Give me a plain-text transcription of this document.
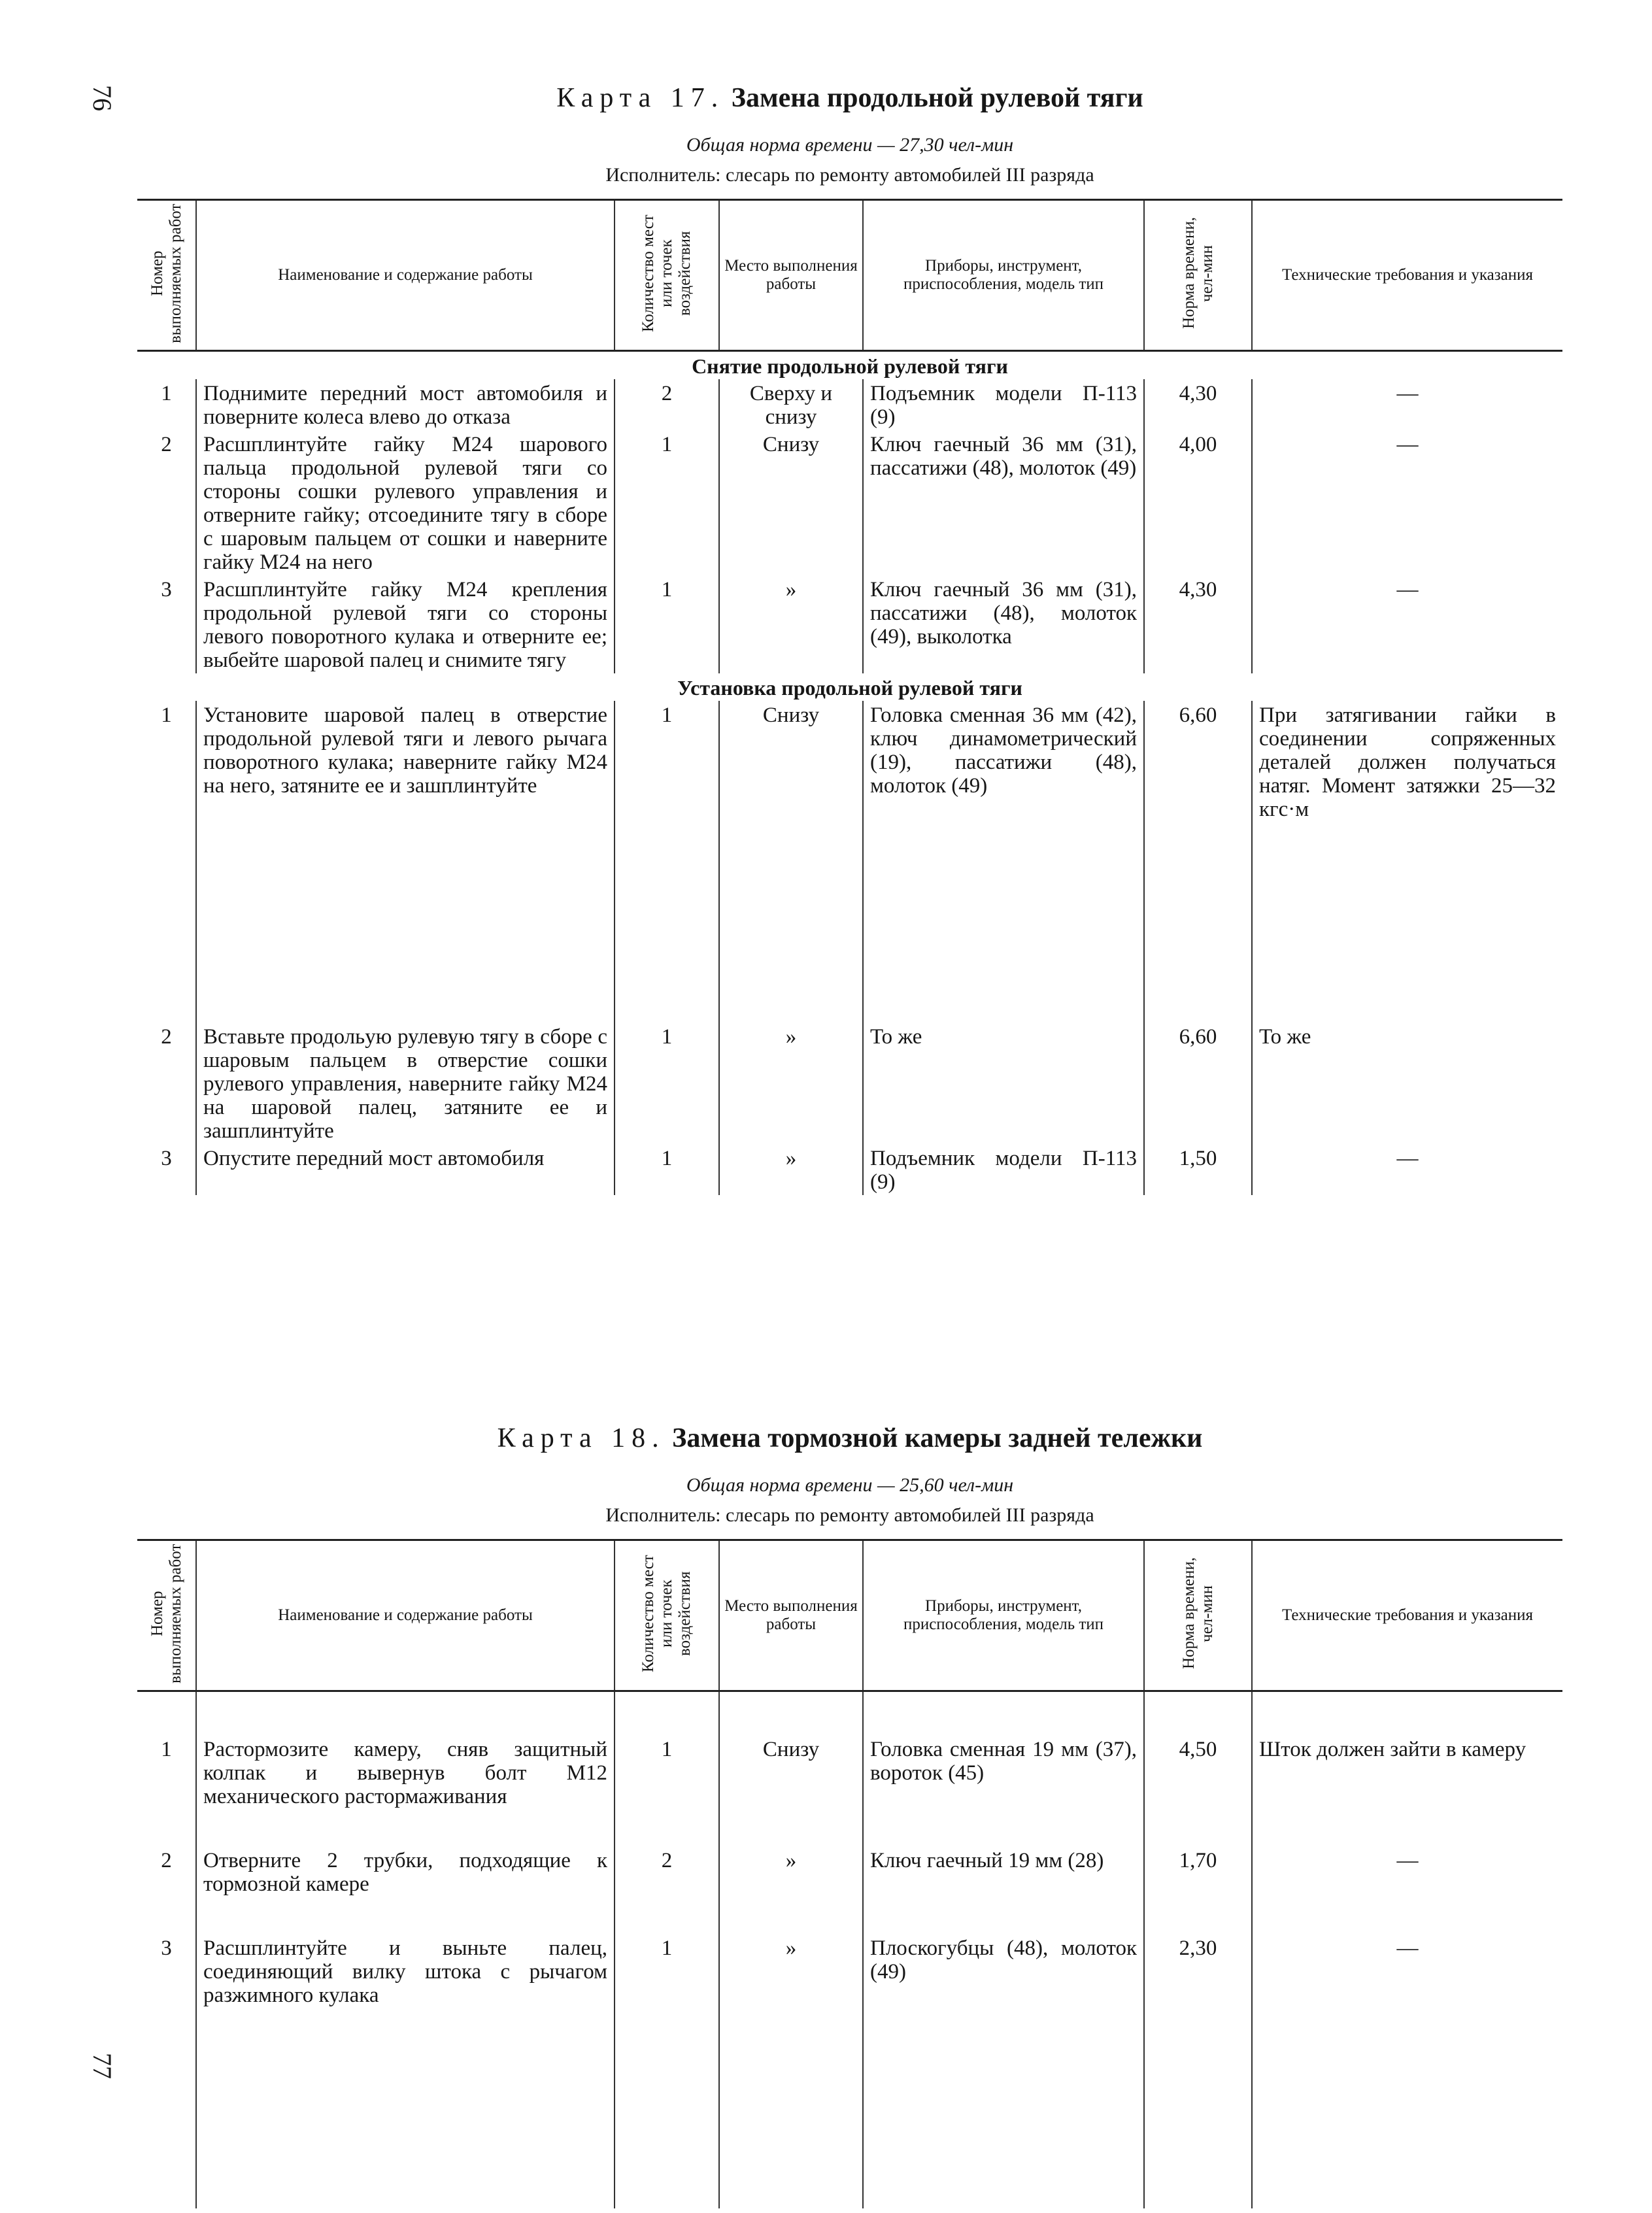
76
77
Карта 17. Замена продольной рулевой тяги
Общая норма времени — 27,30 чел-мин
Исполнитель: слесарь по ремонту автомобилей III разряда
Номер выполняемых работ	Наименование и содержание работы	Количество мест или точек воздействия	Место выполнения работы	Приборы, инструмент, приспособления, модель тип	Норма времени, чел-мин	Технические требования и указания
Снятие продольной рулевой тяги						
1	Поднимите передний мост автомобиля и поверните колеса влево до отказа	2	Сверху и снизу	Подъемник модели П-113 (9)	4,30	—
2	Расшплинтуйте гайку М24 шарового пальца продольной рулевой тяги со стороны сошки рулевого управления и отверните гайку; отсоедините тягу в сборе с шаровым пальцем от сошки и наверните гайку М24 на него	1	Снизу	Ключ гаечный 36 мм (31), пассатижи (48), молоток (49)	4,00	—
3	Расшплинтуйте гайку М24 крепления продольной рулевой тяги со стороны левого поворотного кулака и отверните ее; выбейте шаровой палец и снимите тягу	1	»	Ключ гаечный 36 мм (31), пассатижи (48), молоток (49), выколотка	4,30	—
Установка продольной рулевой тяги						
1	Установите шаровой палец в отверстие продольной рулевой тяги и левого рычага поворотного кулака; наверните гайку М24 на него, затяните ее и зашплинтуйте	1	Снизу	Головка сменная 36 мм (42), ключ динамометрический (19), пассатижи (48), молоток (49)	6,60	При затягивании гайки в соединении сопряженных деталей должен получаться натяг. Момент затяжки 25—32 кгс·м

2	Вставьте продольую рулевую тягу в сборе с шаровым пальцем в отверстие сошки рулевого управления, наверните гайку М24 на шаровой палец, затяните ее и зашплинтуйте	1	»	То же	6,60	То же
3	Опустите передний мост автомобиля	1	»	Подъемник модели П-113 (9)	1,50	—
Карта 18. Замена тормозной камеры задней тележки
Общая норма времени — 25,60 чел-мин
Исполнитель: слесарь по ремонту автомобилей III разряда
Номер выполняемых работ	Наименование и содержание работы	Количество мест или точек воздействия	Место выполнения работы	Приборы, инструмент, приспособления, модель тип	Норма времени, чел-мин	Технические требования и указания

1	Растормозите камеру, сняв защитный колпак и вывернув болт М12 механического растормаживания	1	Снизу	Головка сменная 19 мм (37), вороток (45)	4,50	Шток должен зайти в камеру

2	Отверните 2 трубки, подходящие к тормозной камере	2	»	Ключ гаечный 19 мм (28)	1,70	—

3	Расшплинтуйте и выньте палец, соединяющий вилку штока с рычагом разжимного кулака	1	»	Плоскогубцы (48), молоток (49)	2,30	—
